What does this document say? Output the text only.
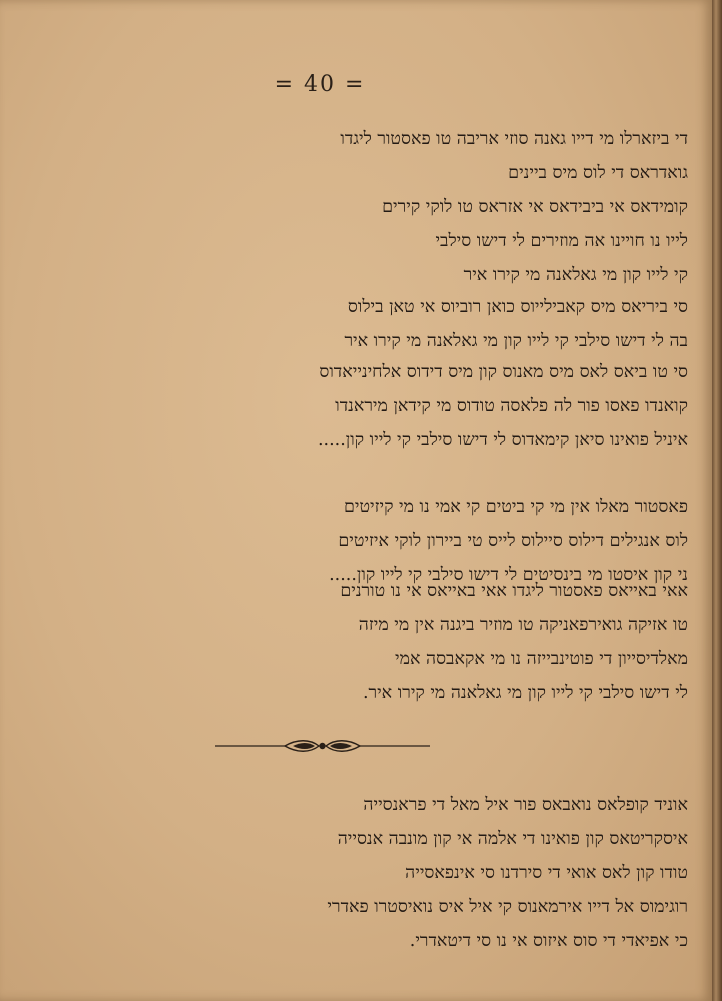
= 40 =
די ביזארלו מי דייו גאנה סוזי אריבה טו פאסטור ליגדו
גואדראס די לוס מיס ביינים
קומידאס אי ביבידאס אי אזראס טו לוקי קירים
לייו נו חויינו אה מוזירים לי דישו סילבי
קי לייו קון מי גאלאנה מי קירו איר
סי ביריאס מיס קאבילייוס כואן רוביוס אי טאן בילוס
בה לי דישו סילבי קי לייו קון מי גאלאנה מי קירו איר
סי טו ביאס לאס מיס מאנוס קון מיס דידוס אלחינייאדוס
קואנדו פאסו פור לה פלאסה טודוס מי קידאן מיראנדו
איניל פואינו סיאן קימאדוס לי דישו סילבי קי לייו קון.....
פאסטור מאלו אין מי קי ביטים קי אמי נו מי קיזיטים
לוס אנגילים דילוס סיילוס לייס טי ביירון לוקי איזיטים
ני קון איסטו מי בינסיטים לי דישו סילבי קי לייו קון.....
אאי באייאס פאסטור ליגדו אאי באייאס אי נו טורנים
טו אזיקה גואירפאניקה טו מוזיר ביגנה אין מי מיזה
מאלדיסייון די פוטינבייזה נו מי אקאבסה אמי
לי דישו סילבי קי לייו קון מי גאלאנה מי קירו איר.
אוניד קופלאס נואבאס פור איל מאל די פראנסייה
איסקריטאס קון פואינו די אלמה אי קון מונבה אנסייה
טודו קון לאס אואי די סירדנו סי אינפאסייה
רוגימוס אל דייו אירמאנוס קי איל איס נואיסטרו פאדרי
כי אפיאדי די סוס איזוס אי נו סי דיטאדרי.
